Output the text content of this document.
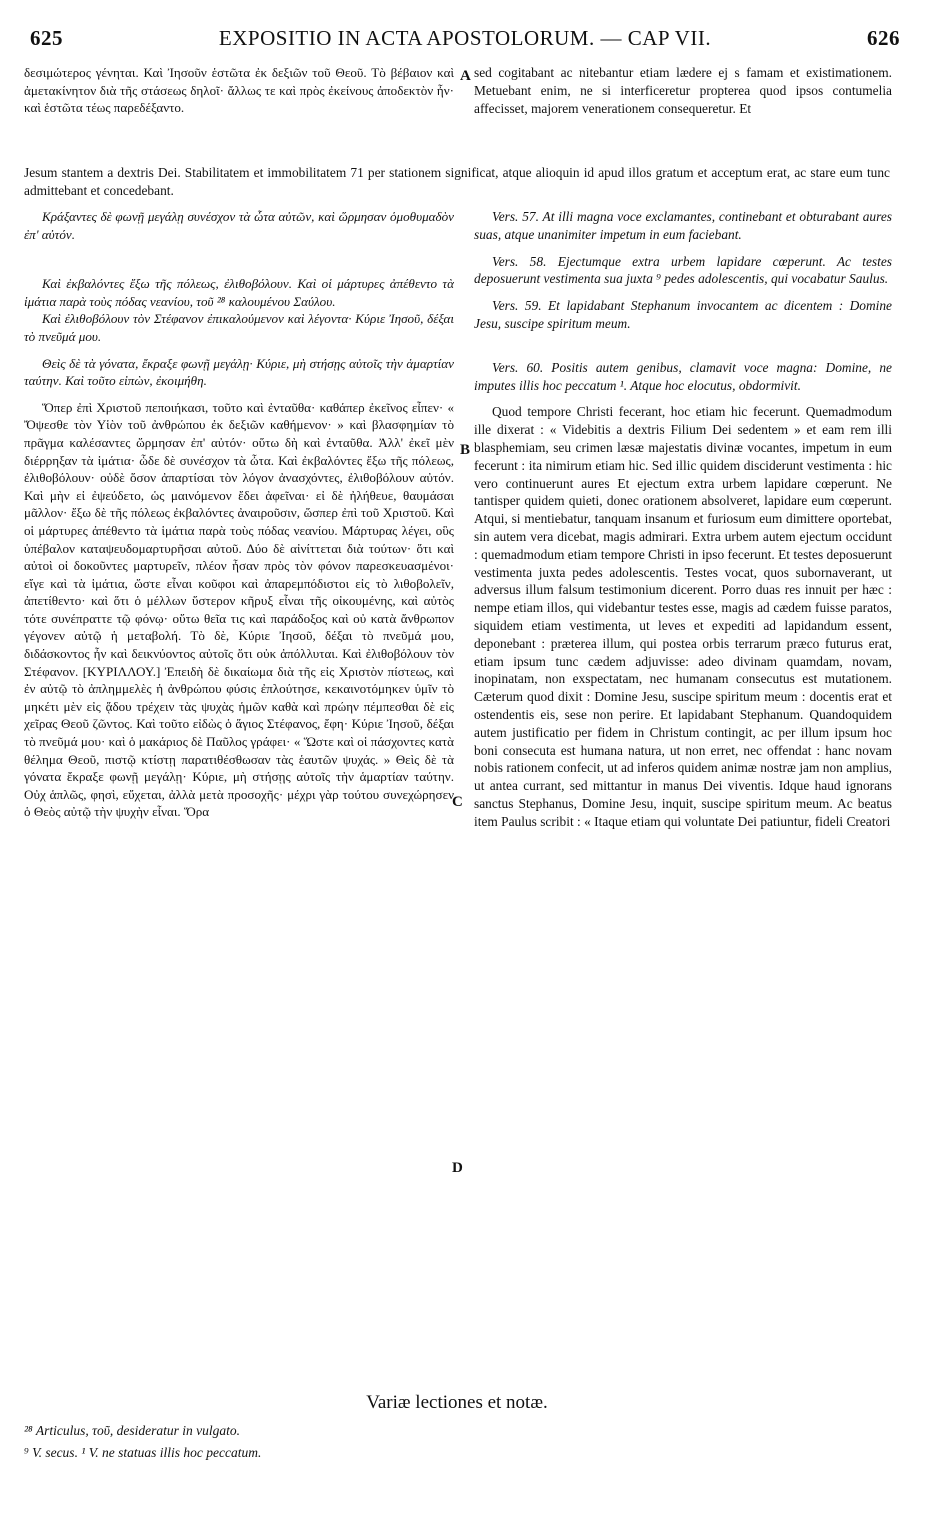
625	EXPOSITIO IN ACTA APOSTOLORUM. — CAP VII.	626

δεσιμώτερος γένηται. Καὶ Ἰησοῦν ἑστῶτα ἐκ δεξιῶν τοῦ Θεοῦ. Τὸ βέβαιον καὶ ἀμετακίνητον διὰ τῆς στάσεως δηλοῖ· ἄλλως τε καὶ πρὸς ἐκείνους ἀποδεκτὸν ἦν· καὶ ἑστῶτα τέως παρεδέξαντο.

sed cogitabant ac nitebantur etiam lædere ej s famam et existimationem. Metuebant enim, ne si interficeretur propterea quod ipsos contumelia affecisset, majorem venerationem consequeretur. Et

Jesum stantem a dextris Dei. Stabilitatem et immobilitatem 71 per stationem significat, atque alioquin id apud illos gratum et acceptum erat, ac stare eum tunc admittebant et concedebant.

Κράξαντες δὲ φωνῇ μεγάλῃ συνέσχον τὰ ὦτα αὐτῶν, καὶ ὥρμησαν ὁμοθυμαδὸν ἐπ' αὐτόν.

Καὶ ἐκβαλόντες ἔξω τῆς πόλεως, ἐλιθοβόλουν. Καὶ οἱ μάρτυρες ἀπέθεντο τὰ ἱμάτια παρὰ τοὺς πόδας νεανίου, τοῦ ²⁸ καλουμένου Σαύλου.

Καὶ ἐλιθοβόλουν τὸν Στέφανον ἐπικαλούμενον καὶ λέγοντα· Κύριε Ἰησοῦ, δέξαι τὸ πνεῦμά μου.

Θεὶς δὲ τὰ γόνατα, ἔκραξε φωνῇ μεγάλῃ· Κύριε, μὴ στήσῃς αὐτοῖς τὴν ἁμαρτίαν ταύτην. Καὶ τοῦτο εἰπὼν, ἐκοιμήθη.

Ὅπερ ἐπὶ Χριστοῦ πεποιήκασι, τοῦτο καὶ ἐνταῦθα· καθάπερ ἐκεῖνος εἶπεν· « Ὄψεσθε τὸν Υἱὸν τοῦ ἀνθρώπου ἐκ δεξιῶν καθήμενον· » καὶ βλασφημίαν τὸ πρᾶγμα καλέσαντες ὥρμησαν ἐπ' αὐτόν· οὕτω δὴ καὶ ἐνταῦθα. Ἀλλ' ἐκεῖ μὲν διέρρηξαν τὰ ἱμάτια· ὧδε δὲ συνέσχον τὰ ὦτα. Καὶ ἐκβαλόντες ἔξω τῆς πόλεως, ἐλιθοβόλουν· οὐδὲ ὅσον ἀπαρτίσαι τὸν λόγον ἀνασχόντες, ἐλιθοβόλουν αὐτόν. Καὶ μὴν εἰ ἐψεύδετο, ὡς μαινόμενον ἔδει ἀφεῖναι· εἰ δὲ ἠλήθευε, θαυμάσαι μᾶλλον· ἔξω δὲ τῆς πόλεως ἐκβαλόντες ἀναιροῦσιν, ὥσπερ ἐπὶ τοῦ Χριστοῦ. Καὶ οἱ μάρτυρες ἀπέθεντο τὰ ἱμάτια παρὰ τοὺς πόδας νεανίου. Μάρτυρας λέγει, οὓς ὑπέβαλον καταψευδομαρτυρῆσαι αὐτοῦ. Δύο δὲ αἰνίττεται διὰ τούτων· ὅτι καὶ αὐτοὶ οἱ δοκοῦντες μαρτυρεῖν, πλέον ἦσαν πρὸς τὸν φόνον παρεσκευασμένοι· εἴγε καὶ τὰ ἱμάτια, ὥστε εἶναι κοῦφοι καὶ ἀπαρεμπόδιστοι εἰς τὸ λιθοβολεῖν, ἀπετίθεντο· καὶ ὅτι ὁ μέλλων ὕστερον κῆρυξ εἶναι τῆς οἰκουμένης, καὶ αὐτὸς τότε συνέπραττε τῷ φόνῳ· οὕτω θεῖα τις καὶ παράδοξος καὶ οὐ κατὰ ἄνθρωπον γέγονεν αὐτῷ ἡ μεταβολή. Τὸ δὲ, Κύριε Ἰησοῦ, δέξαι τὸ πνεῦμά μου, διδάσκοντος ἦν καὶ δεικνύοντος αὐτοῖς ὅτι οὐκ ἀπόλλυται. Καὶ ἐλιθοβόλουν τὸν Στέφανον. [ΚΥΡΙΛΛΟΥ.] Ἐπειδὴ δὲ δικαίωμα διὰ τῆς εἰς Χριστὸν πίστεως, καὶ ἐν αὐτῷ τὸ ἀπλημμελὲς ἡ ἀνθρώπου φύσις ἐπλούτησε, κεκαινοτόμηκεν ὑμῖν τὸ μηκέτι μὲν εἰς ᾅδου τρέχειν τὰς ψυχὰς ἡμῶν καθὰ καὶ πρώην πέμπεσθαι δὲ εἰς χεῖρας Θεοῦ ζῶντος. Καὶ τοῦτο εἰδὼς ὁ ἅγιος Στέφανος, ἔφη· Κύριε Ἰησοῦ, δέξαι τὸ πνεῦμά μου· καὶ ὁ μακάριος δὲ Παῦλος γράφει· « Ὥστε καὶ οἱ πάσχοντες κατὰ θέλημα Θεοῦ, πιστῷ κτίστῃ παρατιθέσθωσαν τὰς ἑαυτῶν ψυχάς. » Θεὶς δὲ τὰ γόνατα ἔκραξε φωνῇ μεγάλῃ· Κύριε, μὴ στήσῃς αὐτοῖς τὴν ἁμαρτίαν ταύτην. Οὐχ ἁπλῶς, φησὶ, εὔχεται, ἀλλὰ μετὰ προσοχῆς· μέχρι γὰρ τούτου συνεχώρησεν ὁ Θεὸς αὐτῷ τὴν ψυχὴν εἶναι. Ὅρα

Vers. 57. At illi magna voce exclamantes, continebant et obturabant aures suas, atque unanimiter impetum in eum faciebant.

Vers. 58. Ejectumque extra urbem lapidare cœperunt. Ac testes deposuerunt vestimenta sua juxta ⁹ pedes adolescentis, qui vocabatur Saulus.

Vers. 59. Et lapidabant Stephanum invocantem ac dicentem : Domine Jesu, suscipe spiritum meum.

Vers. 60. Positis autem genibus, clamavit voce magna: Domine, ne imputes illis hoc peccatum ¹. Atque hoc elocutus, obdormivit.

Quod tempore Christi fecerant, hoc etiam hic fecerunt. Quemadmodum ille dixerat : « Videbitis a dextris Filium Dei sedentem » et eam rem illi blasphemiam, seu crimen læsæ majestatis divinæ vocantes, impetum in eum fecerunt : ita nimirum etiam hic. Sed illic quidem disciderunt vestimenta : hic vero continuerunt aures Et ejectum extra urbem lapidare cœperunt. Ne tantisper quidem quieti, donec orationem absolveret, lapidare eum cœperunt. Atqui, si mentiebatur, tanquam insanum et furiosum eum dimittere oportebat, sin autem vera dicebat, magis admirari. Extra urbem autem ejectum occidunt : quemadmodum etiam tempore Christi in ipso fecerunt. Et testes deposuerunt vestimenta juxta pedes adolescentis. Testes vocat, quos subornaverant, ut adversus illum falsum testimonium dicerent. Porro duas res innuit per hæc : nempe etiam illos, qui videbantur testes esse, magis ad cædem fuisse paratos, siquidem etiam vestimenta, ut leves et expediti ad lapidandum essent, deponebant : præterea illum, qui postea orbis terrarum præco futurus erat, etiam ipsum tunc cædem adjuvisse: adeo divinam quamdam, novam, inopinatam, non exspectatam, nec humanam consecutus est mutationem. Cæterum quod dixit : Domine Jesu, suscipe spiritum meum : docentis erat et ostendentis eis, sese non perire. Et lapidabant Stephanum. Quandoquidem autem justificatio per fidem in Christum contingit, ac per illum ipsum hoc boni consecuta est humana natura, ut non erret, nec offendat : hanc novam nobis rationem confecit, ut ad inferos quidem animæ nostræ jam non amplius, ut antea currant, sed mittantur in manus Dei viventis. Idque haud ignorans sanctus Stephanus, Domine Jesu, inquit, suscipe spiritum meum. Ac beatus item Paulus scribit : « Itaque etiam qui voluntate Dei patiuntur, fideli Creatori

A
B
C
D

Variæ lectiones et notæ.

²⁸ Articulus, τοῦ, desideratur in vulgato.

⁹ V. secus. ¹ V. ne statuas illis hoc peccatum.
